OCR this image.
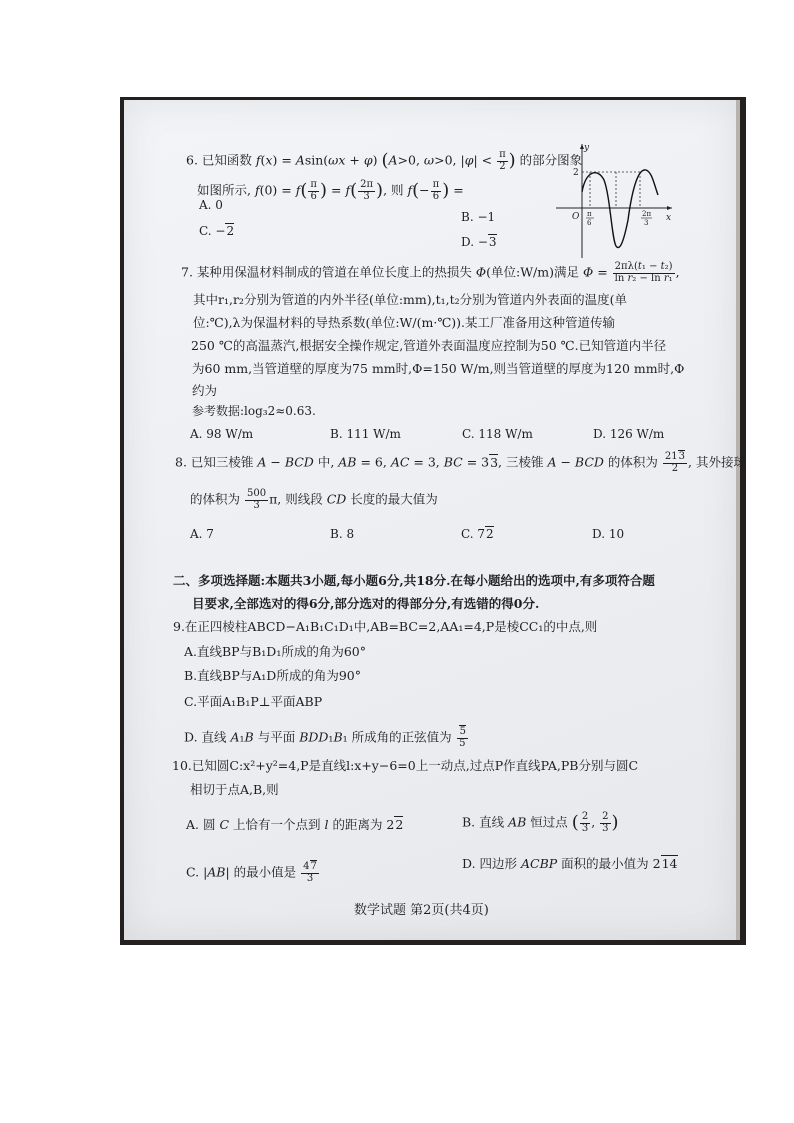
6. 已知函数 f(x) = Asin(ωx + φ) (A>0, ω>0, $|\varphi| < \frac{\pi}{2}$ ) 的部分图象
如图所示, $f(0) = f( \frac{\pi}{6}$ ) = $f( \frac{2\pi}{3}$ ), 则 $f(- \frac{\pi}{6}$ ) =
A. 0
B. −1
C. −2
D. −3
y
x
O
2
π
6
2π
3
7. 某种用保温材料制成的管道在单位长度上的热损失 Φ(单位:W/m)满足 $\Phi = \frac{\text{2πλ(t₁ − t₂)}}{\text{ln r₂ − ln r₁}}$ ,
其中r₁,r₂分别为管道的内外半径(单位:mm),t₁,t₂分别为管道内外表面的温度(单
位:℃),λ为保温材料的导热系数(单位:W/(m·℃)).某工厂准备用这种管道传输
250 ℃的高温蒸汽,根据安全操作规定,管道外表面温度应控制为50 ℃.已知管道内半径
为60 mm,当管道壁的厚度为75 mm时,Φ=150 W/m,则当管道壁的厚度为120 mm时,Φ
约为
参考数据:log₃2≈0.63.
A. 98 W/m	B. 111 W/m	C. 118 W/m	D. 126 W/m
8. 已知三棱锥 A − BCD 中, AB = 6, AC = 3, BC = 33, 三棱锥 A − BCD 的体积为 $\frac{213}{2}$ , 其外接球
的体积为 $\frac{500}{3} \pi$, 则线段 CD 长度的最大值为
A. 7	B. 8	C. 72	D. 10
二、多项选择题:本题共3小题,每小题6分,共18分.在每小题给出的选项中,有多项符合题
目要求,全部选对的得6分,部分选对的得部分分,有选错的得0分.
9.在正四棱柱ABCD−A₁B₁C₁D₁中,AB=BC=2,AA₁=4,P是棱CC₁的中点,则
A.直线BP与B₁D₁所成的角为60°
B.直线BP与A₁D所成的角为90°
C.平面A₁B₁P⊥平面ABP
D. 直线 A₁B 与平面 BDD₁B₁ 所成角的正弦值为 $\frac{5}{5}$
10.已知圆C:x²+y²=4,P是直线l:x+y−6=0上一动点,过点P作直线PA,PB分别与圆C
相切于点A,B,则
A. 圆 C 上恰有一个点到 l 的距离为 22	B. 直线 AB 恒过点 ( $\frac{2}{3}$ , $\frac{2}{3}$ )
C. |AB| 的最小值是 $\frac{47}{3}$	D. 四边形 ACBP 面积的最小值为 214
数学试题 第2页(共4页)
